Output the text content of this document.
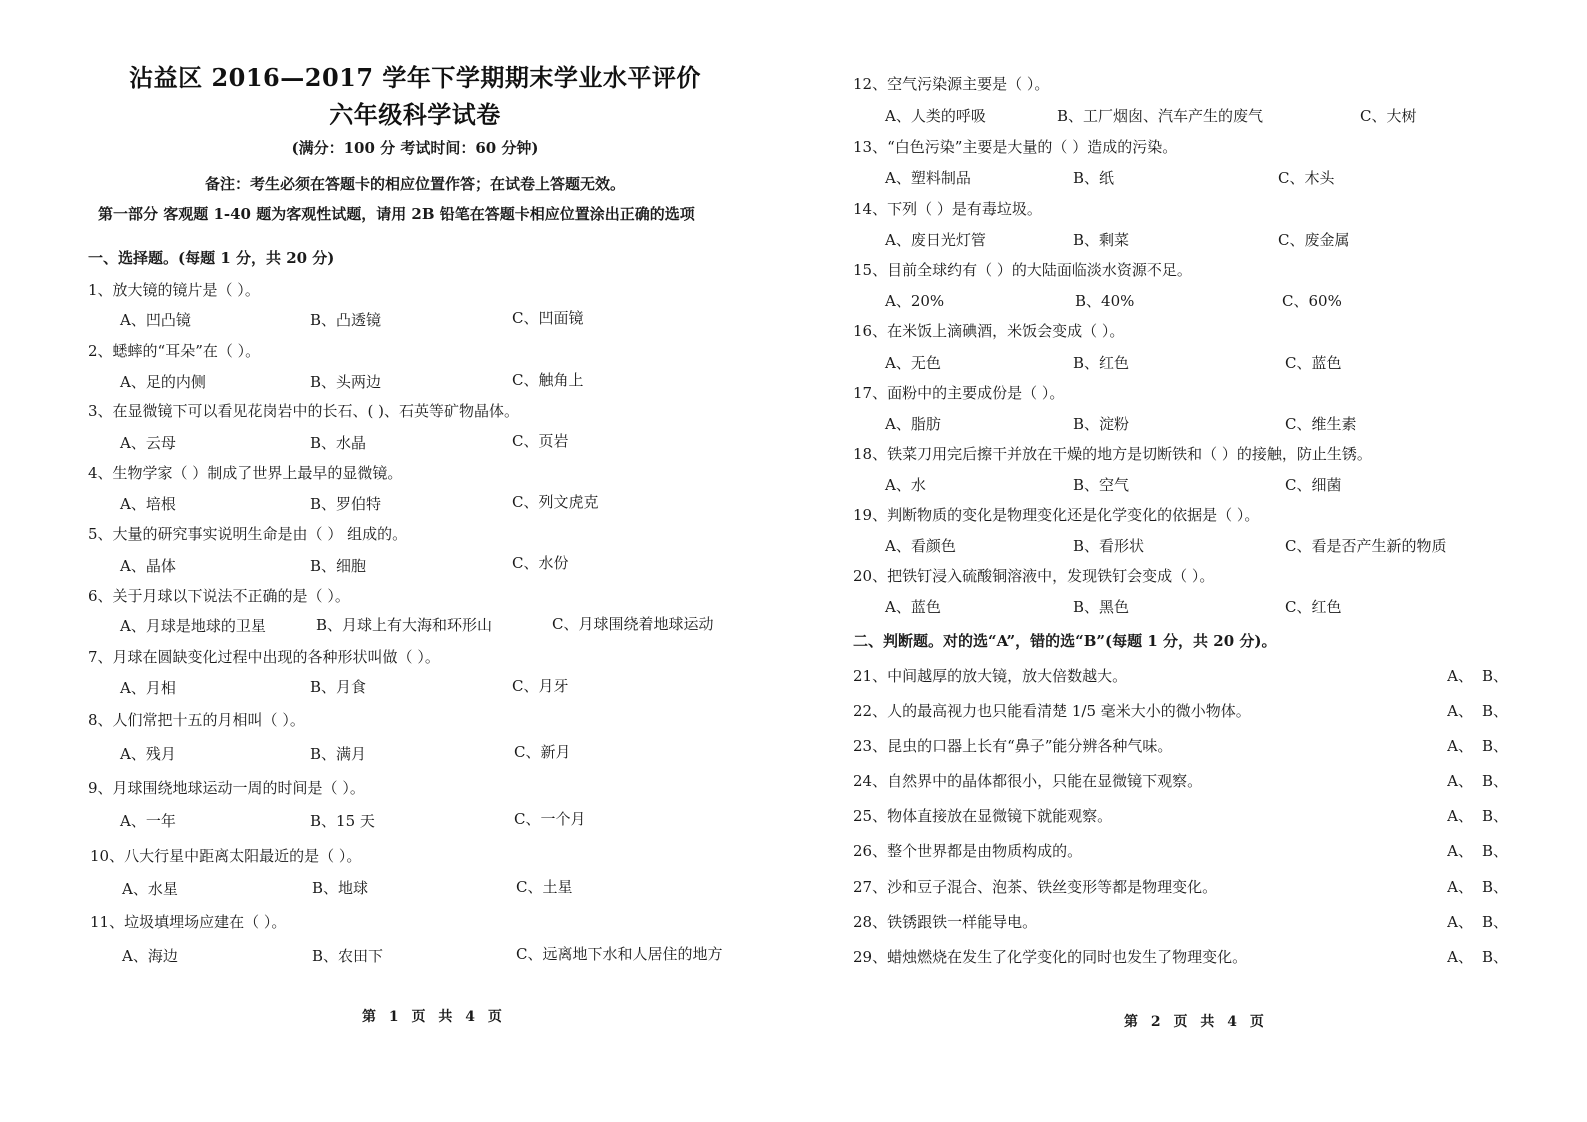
沾益区 2016—2017 学年下学期期末学业水平评价
六年级科学试卷
(满分：100 分 考试时间：60 分钟)
备注：考生必须在答题卡的相应位置作答；在试卷上答题无效。
第一部分 客观题 1-40 题为客观性试题，请用 2B 铅笔在答题卡相应位置涂出正确的选项
一、选择题。(每题 1 分，共 20 分)
1、放大镜的镜片是（ ）。
A、凹凸镜	B、凸透镜	C、凹面镜
2、蟋蟀的“耳朵”在（ ）。
A、足的内侧	B、头两边	C、触角上
3、在显微镜下可以看见花岗岩中的长石、( )、石英等矿物晶体。
A、云母	B、水晶	C、页岩
4、生物学家（ ）制成了世界上最早的显微镜。
A、培根	B、罗伯特	C、列文虎克
5、大量的研究事实说明生命是由（ ） 组成的。
A、晶体	B、细胞	C、水份
6、关于月球以下说法不正确的是（ ）。
A、月球是地球的卫星	B、月球上有大海和环形山	C、月球围绕着地球运动
7、月球在圆缺变化过程中出现的各种形状叫做（ ）。
A、月相	B、月食	C、月牙
8、人们常把十五的月相叫（ ）。
A、残月	B、满月	C、新月
9、月球围绕地球运动一周的时间是（ ）。
A、一年	B、15 天	C、一个月
10、八大行星中距离太阳最近的是（ ）。
A、水星	B、地球	C、土星
11、垃圾填埋场应建在（ ）。
A、海边	B、农田下	C、远离地下水和人居住的地方
第 1 页 共 4 页
12、空气污染源主要是（ ）。
A、人类的呼吸	B、工厂烟囱、汽车产生的废气	C、大树
13、“白色污染”主要是大量的（ ）造成的污染。
A、塑料制品	B、纸	C、木头
14、下列（ ）是有毒垃圾。
A、废日光灯管	B、剩菜	C、废金属
15、目前全球约有（ ）的大陆面临淡水资源不足。
A、20%	B、40%	C、60%
16、在米饭上滴碘酒，米饭会变成（ ）。
A、无色	B、红色	C、蓝色
17、面粉中的主要成份是（ ）。
A、脂肪	B、淀粉	C、维生素
18、铁菜刀用完后擦干并放在干燥的地方是切断铁和（ ）的接触，防止生锈。
A、水	B、空气	C、细菌
19、判断物质的变化是物理变化还是化学变化的依据是（ ）。
A、看颜色	B、看形状	C、看是否产生新的物质
20、把铁钉浸入硫酸铜溶液中，发现铁钉会变成（ ）。
A、蓝色	B、黑色	C、红色
二、判断题。对的选“A”，错的选“B”(每题 1 分，共 20 分)。
21、中间越厚的放大镜，放大倍数越大。	A、 B、
22、人的最高视力也只能看清楚 1/5 毫米大小的微小物体。	A、 B、
23、昆虫的口器上长有“鼻子”能分辨各种气味。	A、 B、
24、自然界中的晶体都很小，只能在显微镜下观察。	A、 B、
25、物体直接放在显微镜下就能观察。	A、 B、
26、整个世界都是由物质构成的。	A、 B、
27、沙和豆子混合、泡茶、铁丝变形等都是物理变化。	A、 B、
28、铁锈跟铁一样能导电。	A、 B、
29、蜡烛燃烧在发生了化学变化的同时也发生了物理变化。	A、 B、
第 2 页 共 4 页
